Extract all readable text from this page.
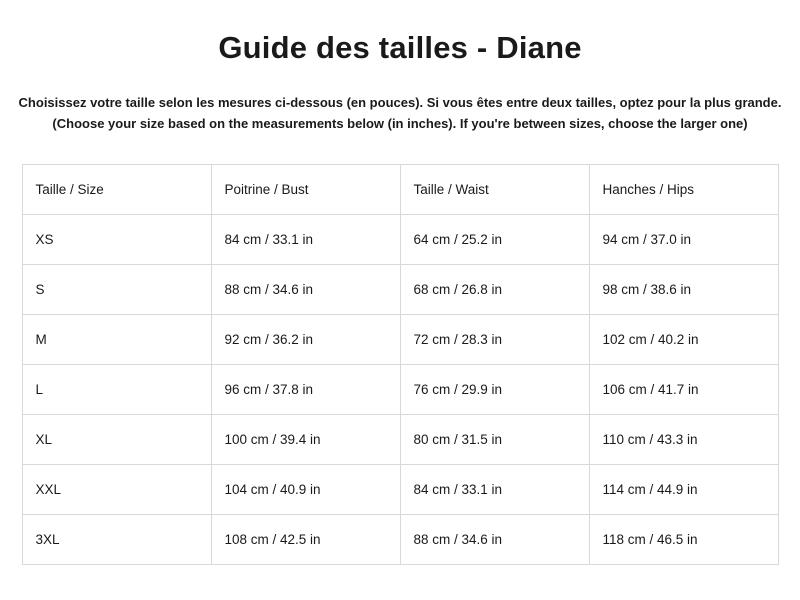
Guide des tailles - Diane
Choisissez votre taille selon les mesures ci-dessous (en pouces). Si vous êtes entre deux tailles, optez pour la plus grande.
(Choose your size based on the measurements below (in inches). If you're between sizes, choose the larger one)
Taille / Size	Poitrine / Bust	Taille / Waist	Hanches / Hips
XS	84 cm / 33.1 in	64 cm / 25.2 in	94 cm / 37.0 in
S	88 cm / 34.6 in	68 cm / 26.8 in	98 cm / 38.6 in
M	92 cm / 36.2 in	72 cm / 28.3 in	102 cm / 40.2 in
L	96 cm / 37.8 in	76 cm / 29.9 in	106 cm / 41.7 in
XL	100 cm / 39.4 in	80 cm / 31.5 in	110 cm / 43.3 in
XXL	104 cm / 40.9 in	84 cm / 33.1 in	114 cm / 44.9 in
3XL	108 cm / 42.5 in	88 cm / 34.6 in	118 cm / 46.5 in
